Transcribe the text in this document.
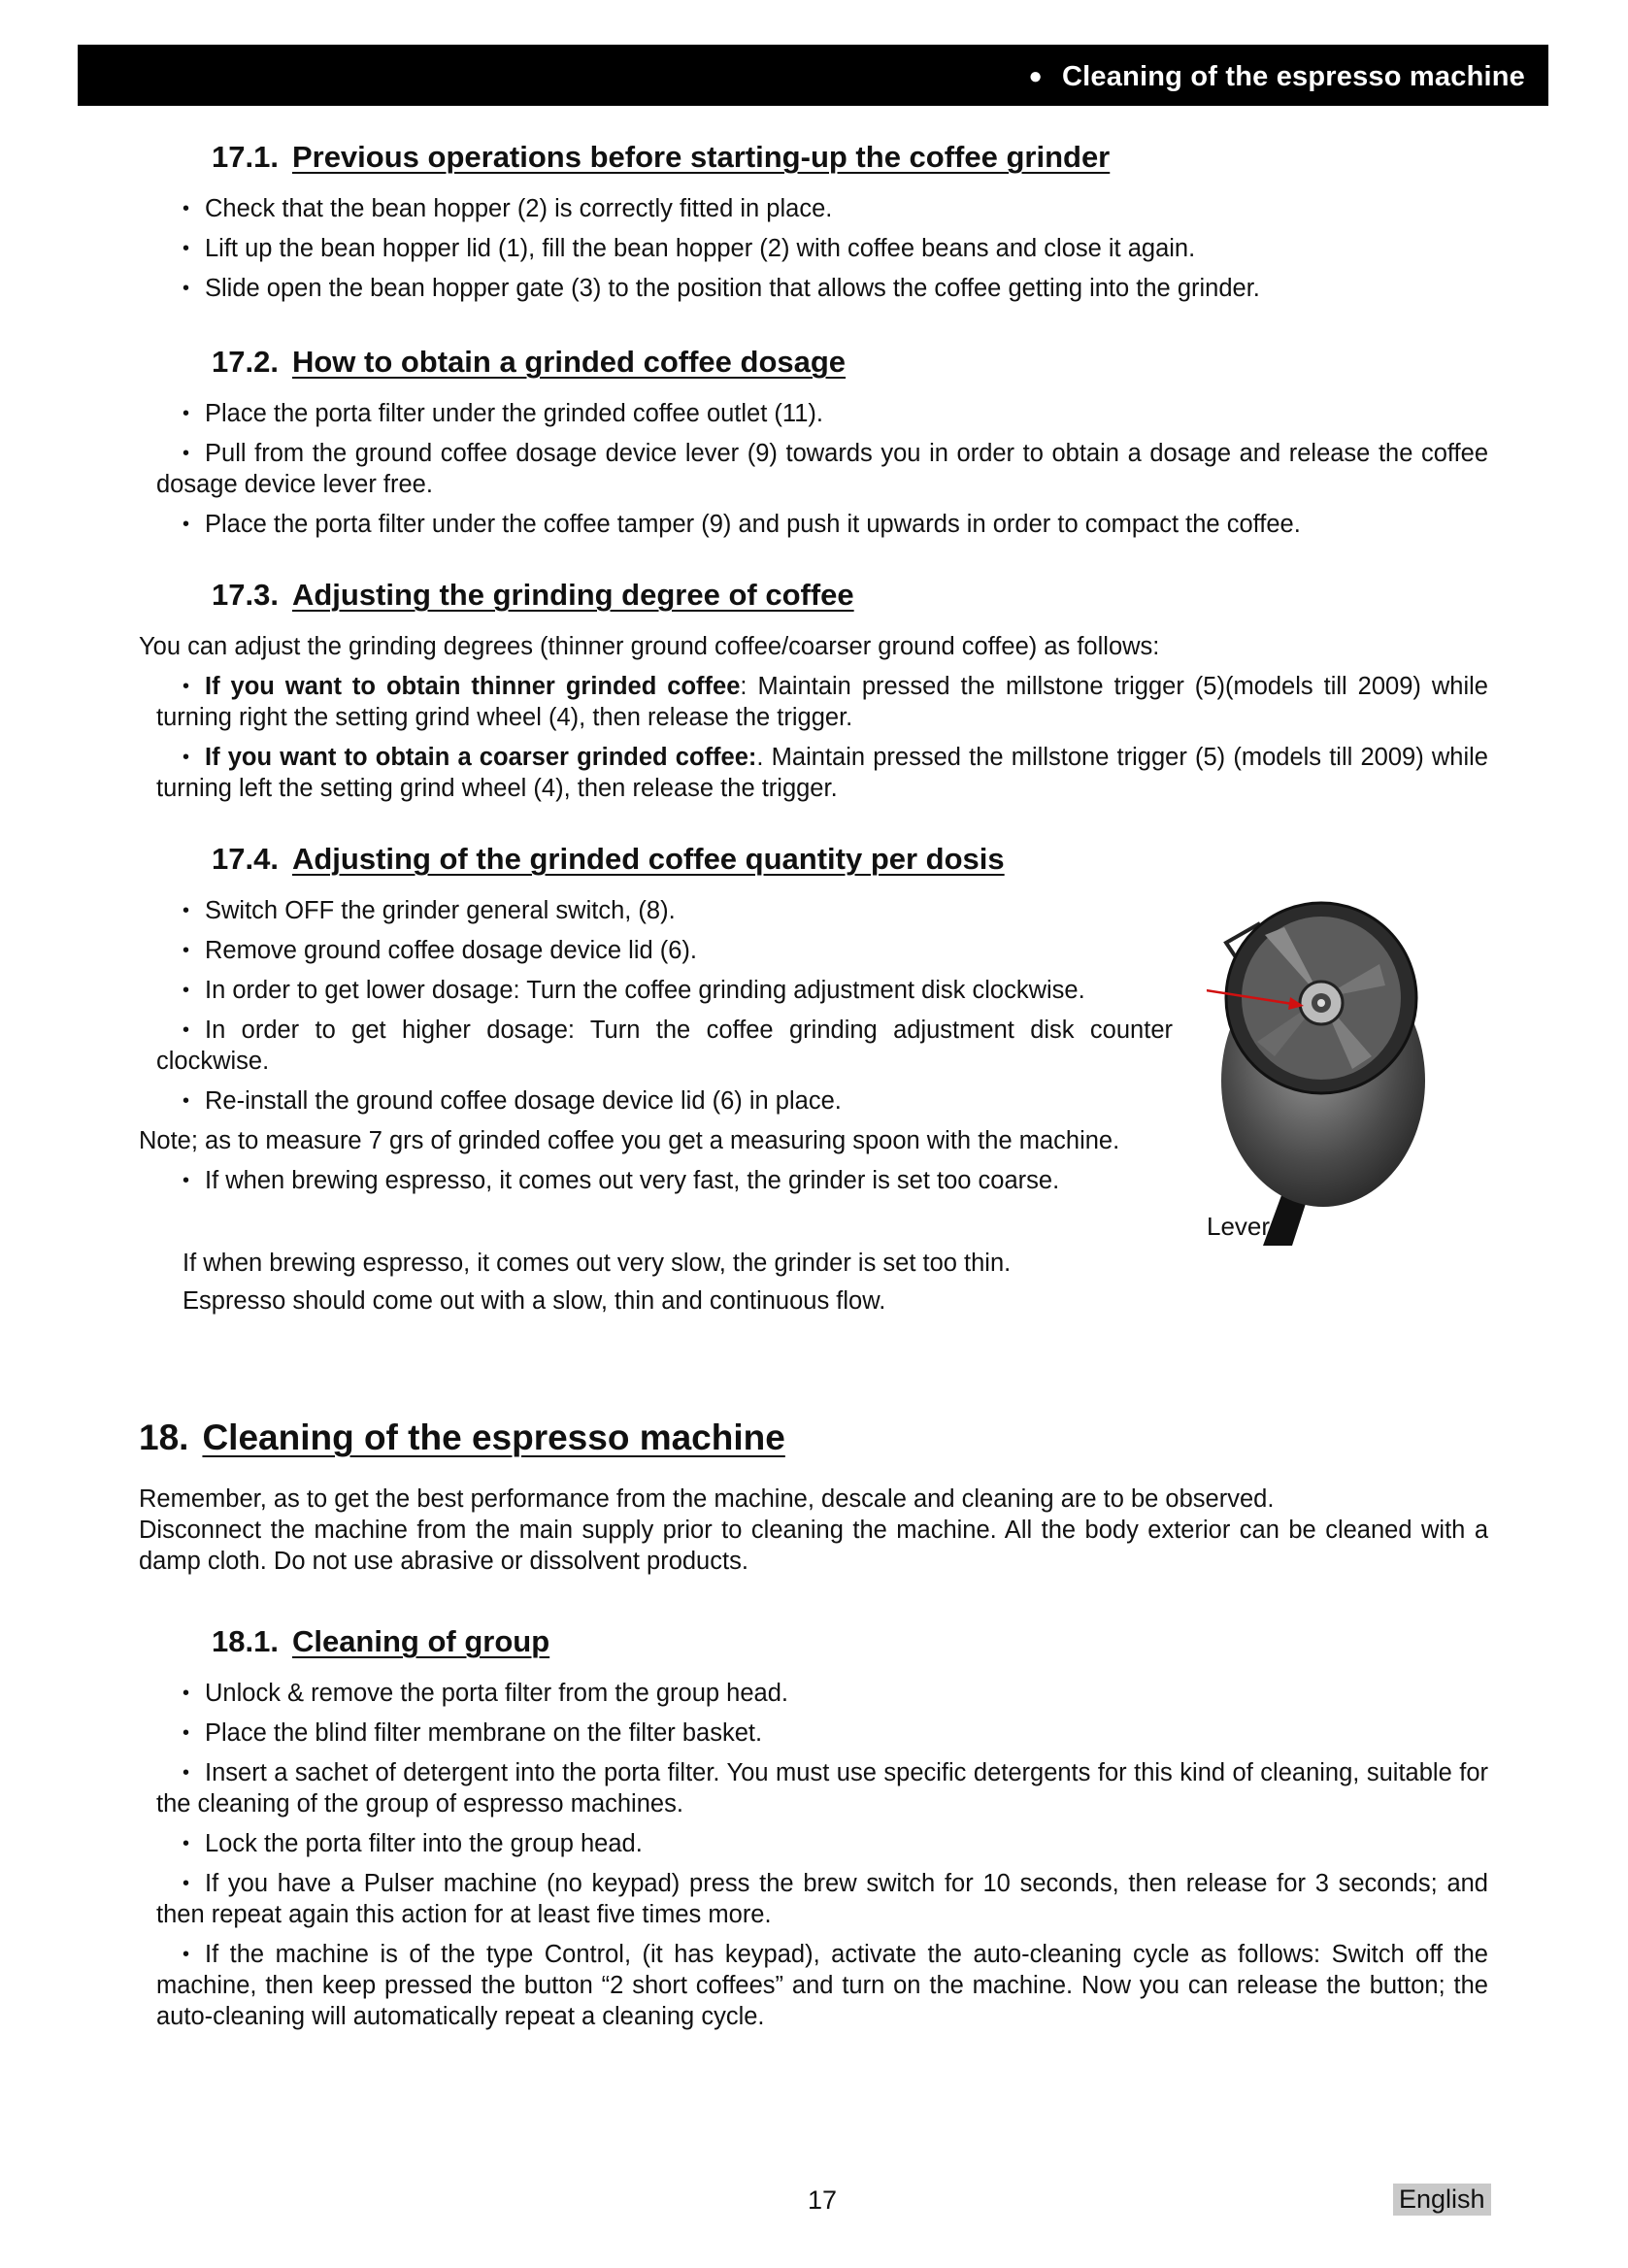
● Cleaning of the espresso machine
17.1. Previous operations before starting-up the coffee grinder
• Check that the bean hopper (2) is correctly fitted in place.
• Lift up the bean hopper lid (1), fill the bean hopper (2) with coffee beans and close it again.
• Slide open the bean hopper gate (3) to the position that allows the coffee getting into the grinder.
17.2. How to obtain a grinded coffee dosage
• Place the porta filter under the grinded coffee outlet (11).
• Pull from the ground coffee dosage device lever (9) towards you in order to obtain a dosage and release the coffee dosage device lever free.
• Place the porta filter under the coffee tamper (9) and push it upwards in order to compact the coffee.
17.3. Adjusting the grinding degree of coffee

You can adjust the grinding degrees (thinner ground coffee/coarser ground coffee) as follows:

• If you want to obtain thinner grinded coffee: Maintain pressed the millstone trigger (5)(models till 2009) while turning right the setting grind wheel (4), then release the trigger.
• If you want to obtain a coarser grinded coffee:. Maintain pressed the millstone trigger (5) (models till 2009) while turning left the setting grind wheel (4), then release the trigger.
17.4. Adjusting of the grinded coffee quantity per dosis
• Switch OFF the grinder general switch, (8).
• Remove ground coffee dosage device lid (6).
• In order to get lower dosage: Turn the coffee grinding adjustment disk clockwise.
• In order to get higher dosage: Turn the coffee grinding adjustment disk counter clockwise.
• Re-install the ground coffee dosage device lid (6) in place.

Note; as to measure 7 grs of grinded coffee you get a measuring spoon with the machine.

• If when brewing espresso, it comes out very fast, the grinder is set too coarse.

If when brewing espresso, it comes out very slow, the grinder is set too thin.

Espresso should come out with a slow, thin and continuous flow.

18. Cleaning of the espresso machine

Remember, as to get the best performance from the machine, descale and cleaning are to be observed.

Disconnect the machine from the main supply prior to cleaning the machine. All the body exterior can be cleaned with a damp cloth. Do not use abrasive or dissolvent products.

18.1. Cleaning of group
• Unlock & remove the porta filter from the group head.
• Place the blind filter membrane on the filter basket.
• Insert a sachet of detergent into the porta filter. You must use specific detergents for this kind of cleaning, suitable for the cleaning of the group of espresso machines.
• Lock the porta filter into the group head.
• If you have a Pulser machine (no keypad) press the brew switch for 10 seconds, then release for 3 seconds; and then repeat again this action for at least five times more.
• If the machine is of the type Control, (it has keypad), activate the auto-cleaning cycle as follows: Switch off the machine, then keep pressed the button “2 short coffees” and turn on the machine. Now you can release the button; the auto-cleaning will automatically repeat a cleaning cycle.
Lever
17	English
